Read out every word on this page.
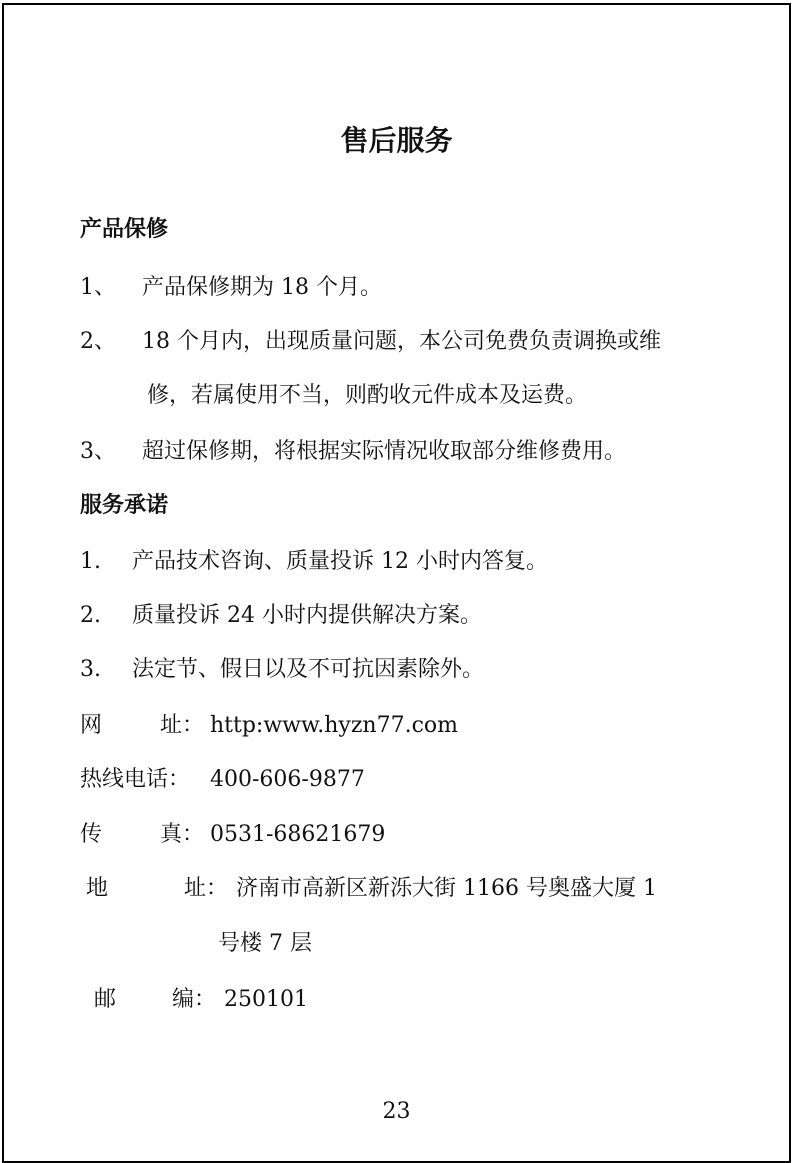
售后服务
产品保修
1、 产品保修期为 18 个月。
2、 18 个月内，出现质量问题，本公司免费负责调换或维
修，若属使用不当，则酌收元件成本及运费。
3、 超过保修期，将根据实际情况收取部分维修费用。
服务承诺
1. 产品技术咨询、质量投诉 12 小时内答复。
2. 质量投诉 24 小时内提供解决方案。
3. 法定节、假日以及不可抗因素除外。
网	址： http:www.hyzn77.com
热线电话： 400-606-9877
传	真： 0531-68621679
地	址： 济南市高新区新泺大街 1166 号奥盛大厦 1
号楼 7 层
邮	编： 250101
23
